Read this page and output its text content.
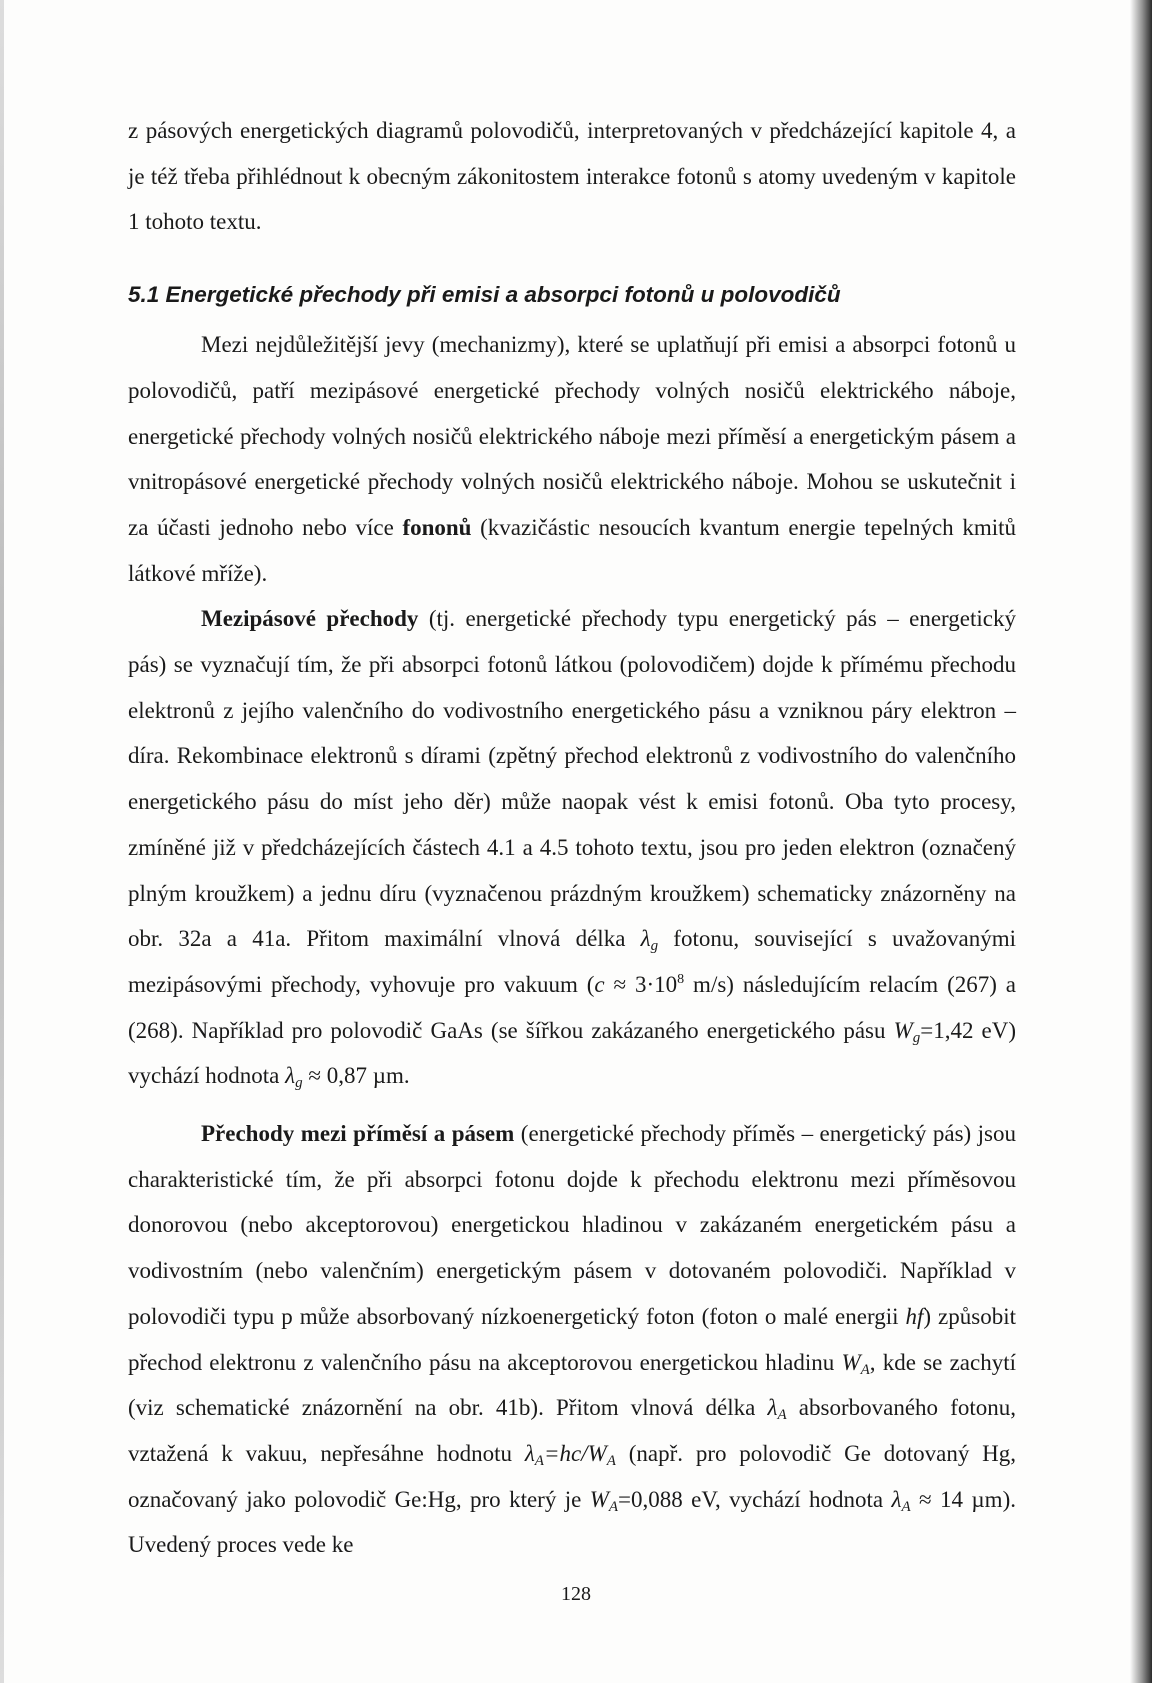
z pásových energetických diagramů polovodičů, interpretovaných v předcházející kapitole 4, a je též třeba přihlédnout k obecným zákonitostem interakce fotonů s atomy uvedeným v kapitole 1 tohoto textu.

5.1 Energetické přechody při emisi a absorpci fotonů u polovodičů

Mezi nejdůležitější jevy (mechanizmy), které se uplatňují při emisi a absorpci fotonů u polovodičů, patří mezipásové energetické přechody volných nosičů elektrického náboje, energetické přechody volných nosičů elektrického náboje mezi příměsí a energetickým pásem a vnitropásové energetické přechody volných nosičů elektrického náboje. Mohou se uskutečnit i za účasti jednoho nebo více fononů (kvazičástic nesoucích kvantum energie tepelných kmitů látkové mříže).

Mezipásové přechody (tj. energetické přechody typu energetický pás – energetický pás) se vyznačují tím, že při absorpci fotonů látkou (polovodičem) dojde k přímému přechodu elektronů z jejího valenčního do vodivostního energetického pásu a vzniknou páry elektron – díra. Rekombinace elektronů s dírami (zpětný přechod elektronů z vodivostního do valenčního energetického pásu do míst jeho děr) může naopak vést k emisi fotonů. Oba tyto procesy, zmíněné již v předcházejících částech 4.1 a 4.5 tohoto textu, jsou pro jeden elektron (označený plným kroužkem) a jednu díru (vyznačenou prázdným kroužkem) schematicky znázorněny na obr. 32a a 41a. Přitom maximální vlnová délka $\lambda_g$ fotonu, související s uvažovanými mezipásovými přechody, vyhovuje pro vakuum ($c \approx 3\cdot 10^8$ m/s) následujícím relacím (267) a (268). Například pro polovodič GaAs (se šířkou zakázaného energetického pásu $W_g=1,42$ eV) vychází hodnota $\lambda_g \approx 0,87$ µm.

Přechody mezi příměsí a pásem (energetické přechody příměs – energetický pás) jsou charakteristické tím, že při absorpci fotonu dojde k přechodu elektronu mezi příměsovou donorovou (nebo akceptorovou) energetickou hladinou v zakázaném energetickém pásu a vodivostním (nebo valenčním) energetickým pásem v dotovaném polovodiči. Například v polovodiči typu p může absorbovaný nízkoenergetický foton (foton o malé energii hf) způsobit přechod elektronu z valenčního pásu na akceptorovou energetickou hladinu $W_A$, kde se zachytí (viz schematické znázornění na obr. 41b). Přitom vlnová délka $\lambda_A$ absorbovaného fotonu, vztažená k vakuu, nepřesáhne hodnotu $\lambda_A=hc/W_A$ (např. pro polovodič Ge dotovaný Hg, označovaný jako polovodič Ge:Hg, pro který je $W_A=0,088$ eV, vychází hodnota $\lambda_A \approx 14$ µm). Uvedený proces vede ke

128
